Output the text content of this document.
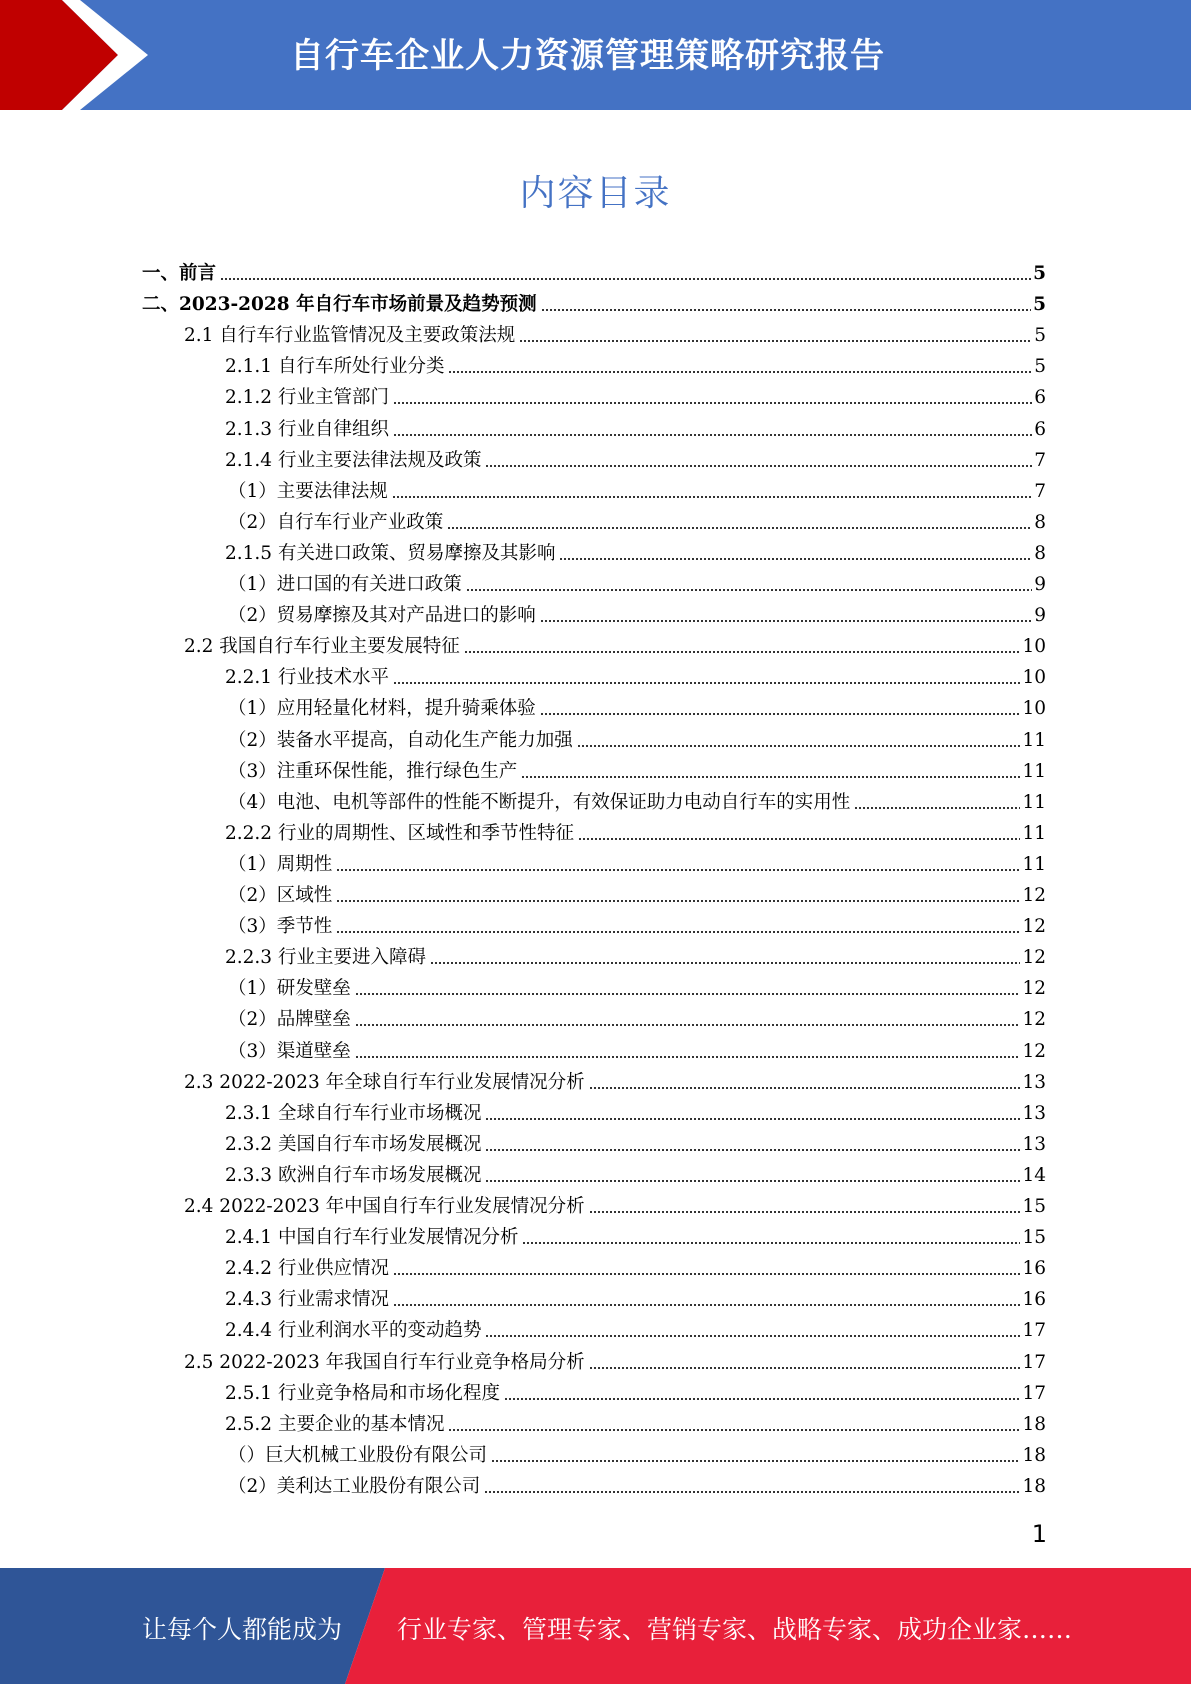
自行车企业人力资源管理策略研究报告
内容目录
一、前言	5
二、2023-2028 年自行车市场前景及趋势预测	5
2.1 自行车行业监管情况及主要政策法规	5
2.1.1 自行车所处行业分类	5
2.1.2 行业主管部门	6
2.1.3 行业自律组织	6
2.1.4 行业主要法律法规及政策	7
（1）主要法律法规	7
（2）自行车行业产业政策	8
2.1.5 有关进口政策、贸易摩擦及其影响	8
（1）进口国的有关进口政策	9
（2）贸易摩擦及其对产品进口的影响	9
2.2 我国自行车行业主要发展特征	10
2.2.1 行业技术水平	10
（1）应用轻量化材料，提升骑乘体验	10
（2）装备水平提高，自动化生产能力加强	11
（3）注重环保性能，推行绿色生产	11
（4）电池、电机等部件的性能不断提升，有效保证助力电动自行车的实用性	11
2.2.2 行业的周期性、区域性和季节性特征	11
（1）周期性	11
（2）区域性	12
（3）季节性	12
2.2.3 行业主要进入障碍	12
（1）研发壁垒	12
（2）品牌壁垒	12
（3）渠道壁垒	12
2.3 2022-2023 年全球自行车行业发展情况分析	13
2.3.1 全球自行车行业市场概况	13
2.3.2 美国自行车市场发展概况	13
2.3.3 欧洲自行车市场发展概况	14
2.4 2022-2023 年中国自行车行业发展情况分析	15
2.4.1 中国自行车行业发展情况分析	15
2.4.2 行业供应情况	16
2.4.3 行业需求情况	16
2.4.4 行业利润水平的变动趋势	17
2.5 2022-2023 年我国自行车行业竞争格局分析	17
2.5.1 行业竞争格局和市场化程度	17
2.5.2 主要企业的基本情况	18
（）巨大机械工业股份有限公司	18
（2）美利达工业股份有限公司	18
1
让每个人都能成为 行业专家、管理专家、营销专家、战略专家、成功企业家……
